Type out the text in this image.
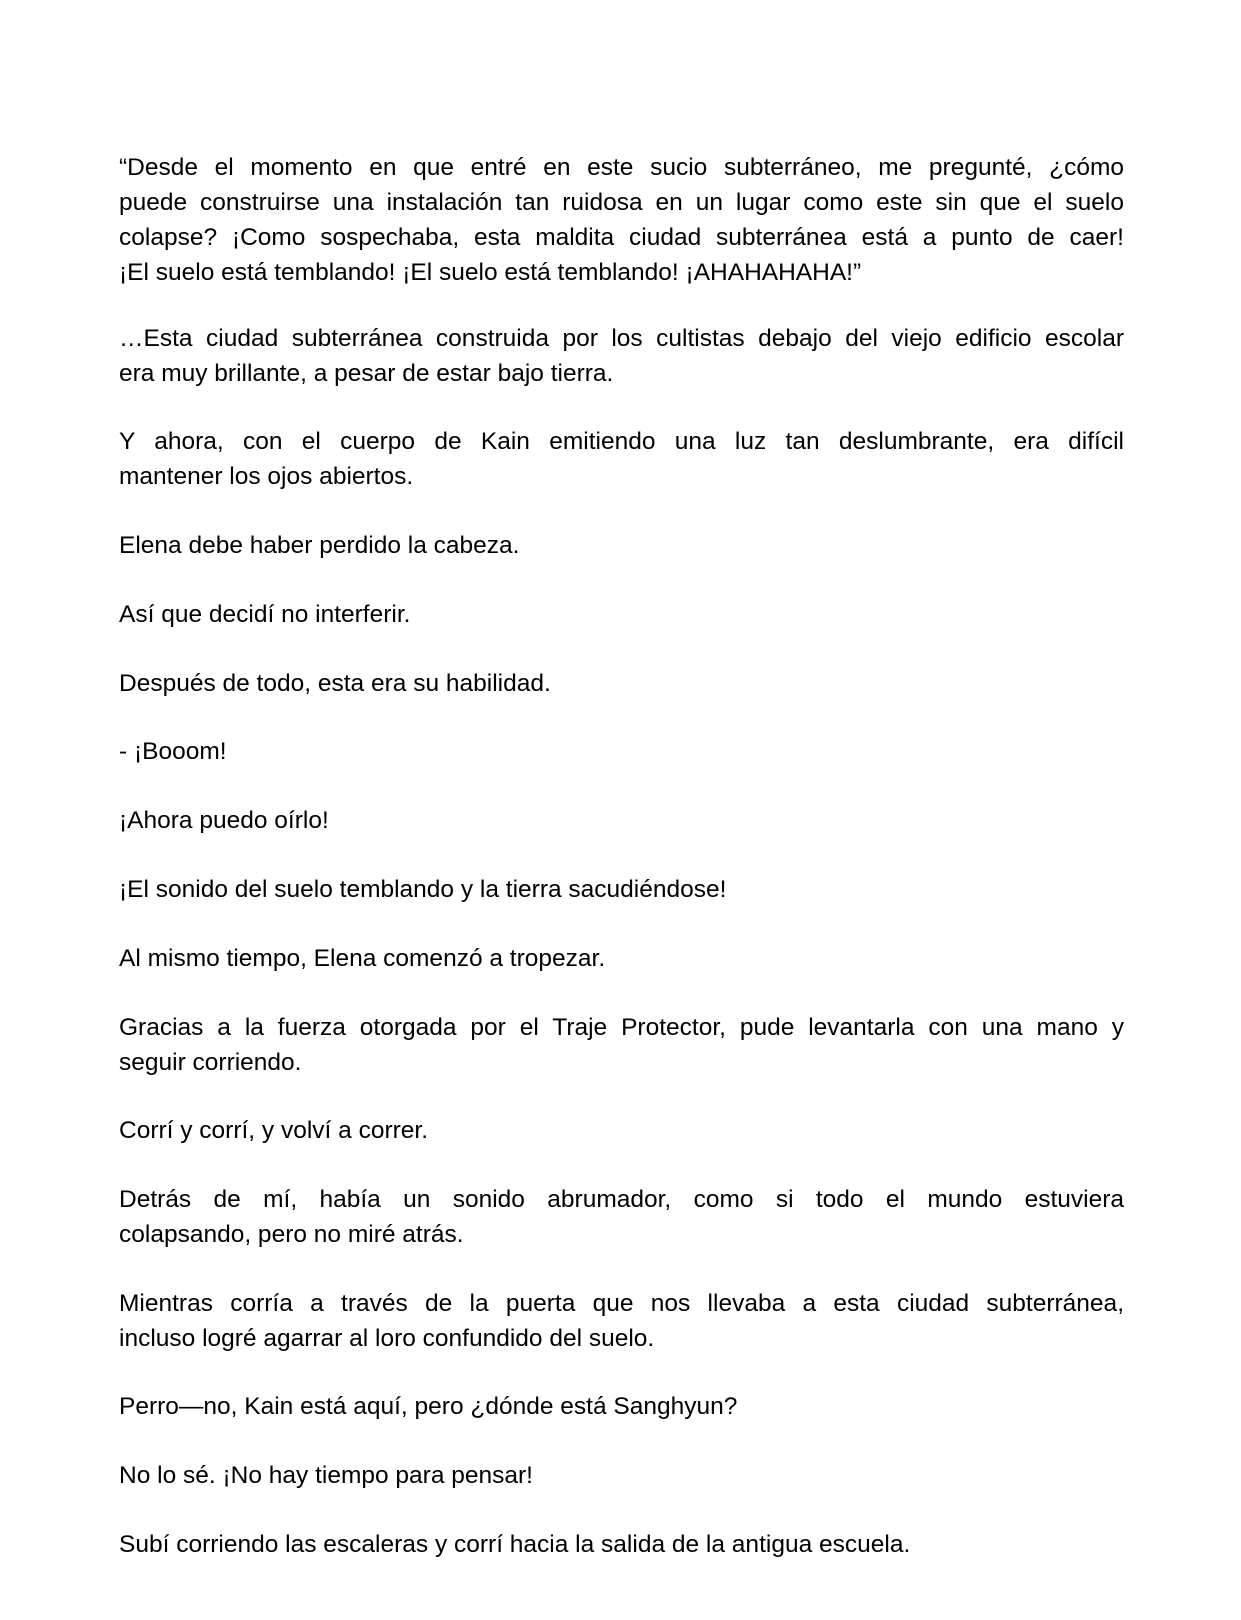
“Desde el momento en que entré en este sucio subterráneo, me pregunté, ¿cómo
puede construirse una instalación tan ruidosa en un lugar como este sin que el suelo
colapse? ¡Como sospechaba, esta maldita ciudad subterránea está a punto de caer!
¡El suelo está temblando! ¡El suelo está temblando! ¡AHAHAHAHA!”
…Esta ciudad subterránea construida por los cultistas debajo del viejo edificio escolar
era muy brillante, a pesar de estar bajo tierra.
Y ahora, con el cuerpo de Kain emitiendo una luz tan deslumbrante, era difícil
mantener los ojos abiertos.
Elena debe haber perdido la cabeza.
Así que decidí no interferir.
Después de todo, esta era su habilidad.
- ¡Booom!
¡Ahora puedo oírlo!
¡El sonido del suelo temblando y la tierra sacudiéndose!
Al mismo tiempo, Elena comenzó a tropezar.
Gracias a la fuerza otorgada por el Traje Protector, pude levantarla con una mano y
seguir corriendo.
Corrí y corrí, y volví a correr.
Detrás de mí, había un sonido abrumador, como si todo el mundo estuviera
colapsando, pero no miré atrás.
Mientras corría a través de la puerta que nos llevaba a esta ciudad subterránea,
incluso logré agarrar al loro confundido del suelo.
Perro—no, Kain está aquí, pero ¿dónde está Sanghyun?
No lo sé. ¡No hay tiempo para pensar!
Subí corriendo las escaleras y corrí hacia la salida de la antigua escuela.
